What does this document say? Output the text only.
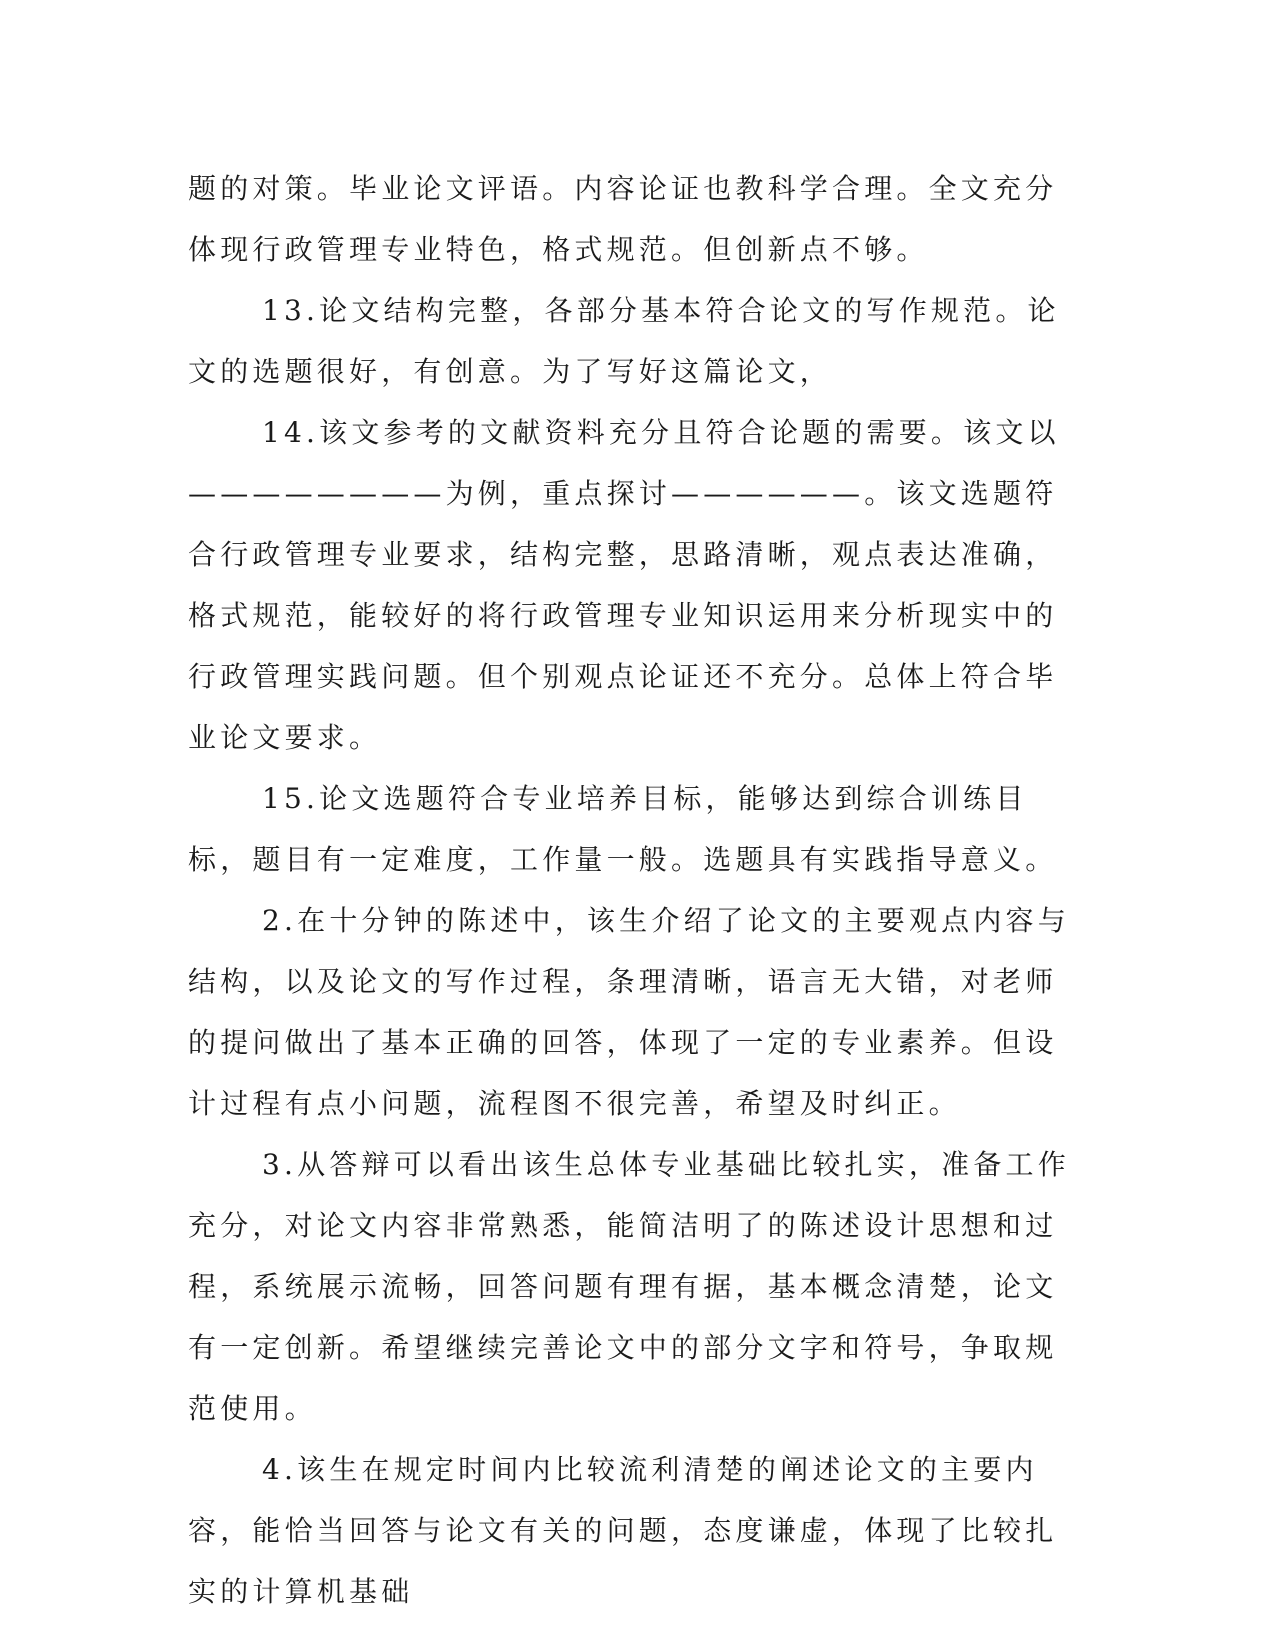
题的对策。毕业论文评语。内容论证也教科学合理。全文充分体现行政管理专业特色，格式规范。但创新点不够。

13.论文结构完整，各部分基本符合论文的写作规范。论文的选题很好，有创意。为了写好这篇论文，

14.该文参考的文献资料充分且符合论题的需要。该文以————————为例，重点探讨——————。该文选题符合行政管理专业要求，结构完整，思路清晰，观点表达准确，格式规范，能较好的将行政管理专业知识运用来分析现实中的行政管理实践问题。但个别观点论证还不充分。总体上符合毕业论文要求。

15.论文选题符合专业培养目标，能够达到综合训练目标，题目有一定难度，工作量一般。选题具有实践指导意义。

2.在十分钟的陈述中，该生介绍了论文的主要观点内容与结构，以及论文的写作过程，条理清晰，语言无大错，对老师的提问做出了基本正确的回答，体现了一定的专业素养。但设计过程有点小问题，流程图不很完善，希望及时纠正。

3.从答辩可以看出该生总体专业基础比较扎实，准备工作充分，对论文内容非常熟悉，能简洁明了的陈述设计思想和过程，系统展示流畅，回答问题有理有据，基本概念清楚，论文有一定创新。希望继续完善论文中的部分文字和符号，争取规范使用。

4.该生在规定时间内比较流利清楚的阐述论文的主要内容，能恰当回答与论文有关的问题，态度谦虚，体现了比较扎实的计算机基础
